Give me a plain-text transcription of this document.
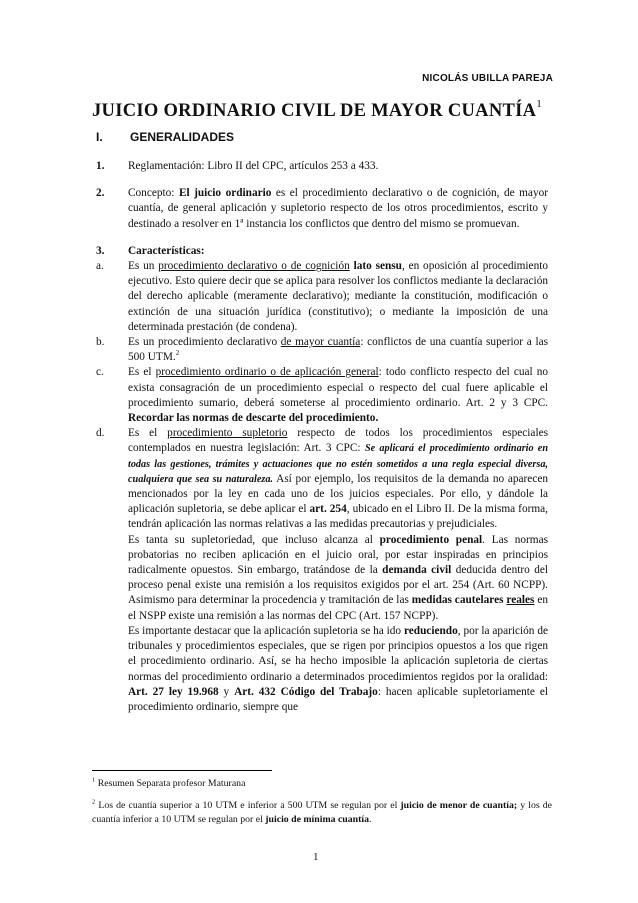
NICOLÁS UBILLA PAREJA
JUICIO ORDINARIO CIVIL DE MAYOR CUANTÍA$^1$
I. GENERALIDADES
1. Reglamentación: Libro II del CPC, artículos 253 a 433.
2. Concepto: El juicio ordinario es el procedimiento declarativo o de cognición, de mayor cuantía, de general aplicación y supletorio respecto de los otros procedimientos, escrito y destinado a resolver en 1ª instancia los conflictos que dentro del mismo se promuevan.
3. Características:
a. Es un procedimiento declarativo o de cognición lato sensu, en oposición al procedimiento ejecutivo. Esto quiere decir que se aplica para resolver los conflictos mediante la declaración del derecho aplicable (meramente declarativo); mediante la constitución, modificación o extinción de una situación jurídica (constitutivo); o mediante la imposición de una determinada prestación (de condena).
b. Es un procedimiento declarativo de mayor cuantía: conflictos de una cuantía superior a las 500 UTM.$^2$
c. Es el procedimiento ordinario o de aplicación general: todo conflicto respecto del cual no exista consagración de un procedimiento especial o respecto del cual fuere aplicable el procedimiento sumario, deberá someterse al procedimiento ordinario. Art. 2 y 3 CPC. Recordar las normas de descarte del procedimiento.
d. Es el procedimiento supletorio respecto de todos los procedimientos especiales contemplados en nuestra legislación: Art. 3 CPC: Se aplicará el procedimiento ordinario en todas las gestiones, trámites y actuaciones que no estén sometidos a una regla especial diversa, cualquiera que sea su naturaleza. Así por ejemplo, los requisitos de la demanda no aparecen mencionados por la ley en cada uno de los juicios especiales. Por ello, y dándole la aplicación supletoria, se debe aplicar el art. 254, ubicado en el Libro II. De la misma forma, tendrán aplicación las normas relativas a las medidas precautorias y prejudiciales.
Es tanta su supletoriedad, que incluso alcanza al procedimiento penal. Las normas probatorias no reciben aplicación en el juicio oral, por estar inspiradas en principios radicalmente opuestos. Sin embargo, tratándose de la demanda civil deducida dentro del proceso penal existe una remisión a los requisitos exigidos por el art. 254 (Art. 60 NCPP). Asimismo para determinar la procedencia y tramitación de las medidas cautelares reales en el NSPP existe una remisión a las normas del CPC (Art. 157 NCPP).
Es importante destacar que la aplicación supletoria se ha ido reduciendo, por la aparición de tribunales y procedimientos especiales, que se rigen por principios opuestos a los que rigen el procedimiento ordinario. Así, se ha hecho imposible la aplicación supletoria de ciertas normas del procedimiento ordinario a determinados procedimientos regidos por la oralidad: Art. 27 ley 19.968 y Art. 432 Código del Trabajo: hacen aplicable supletoriamente el procedimiento ordinario, siempre que
$^1$ Resumen Separata profesor Maturana
$^2$ Los de cuantía superior a 10 UTM e inferior a 500 UTM se regulan por el juicio de menor de cuantía; y los de cuantía inferior a 10 UTM se regulan por el juicio de mínima cuantía.
1
